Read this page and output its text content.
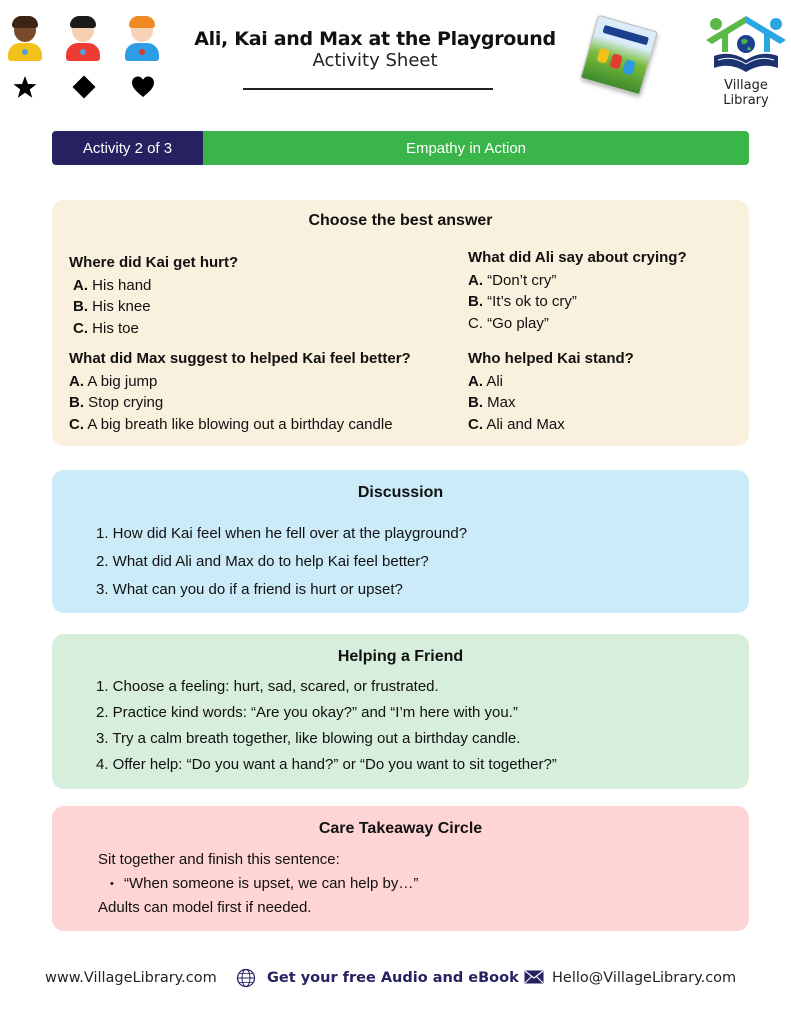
Ali, Kai and Max at the Playground
Activity Sheet
Village
Library
Activity 2 of 3	Empathy in Action
Choose the best answer
Where did Kai get hurt?
A. His hand
B. His knee
C. His toe
What did Ali say about crying?
A. “Don’t cry”
B. “It’s ok to cry”
C. “Go play”
What did Max suggest to helped Kai feel better?
A. A big jump
B. Stop crying
C. A big breath like blowing out a birthday candle
Who helped Kai stand?
A. Ali
B. Max
C. Ali and Max
Discussion
1. How did Kai feel when he fell over at the playground?
2. What did Ali and Max do to help Kai feel better?
3. What can you do if a friend is hurt or upset?
Helping a Friend
1. Choose a feeling: hurt, sad, scared, or frustrated.
2. Practice kind words: “Are you okay?” and “I’m here with you.”
3. Try a calm breath together, like blowing out a birthday candle.
4. Offer help: “Do you want a hand?” or “Do you want to sit together?”
Care Takeaway Circle
Sit together and finish this sentence:
• “When someone is upset, we can help by…”
Adults can model first if needed.
www.VillageLibrary.com	Get your free Audio and eBook Hello@VillageLibrary.com
